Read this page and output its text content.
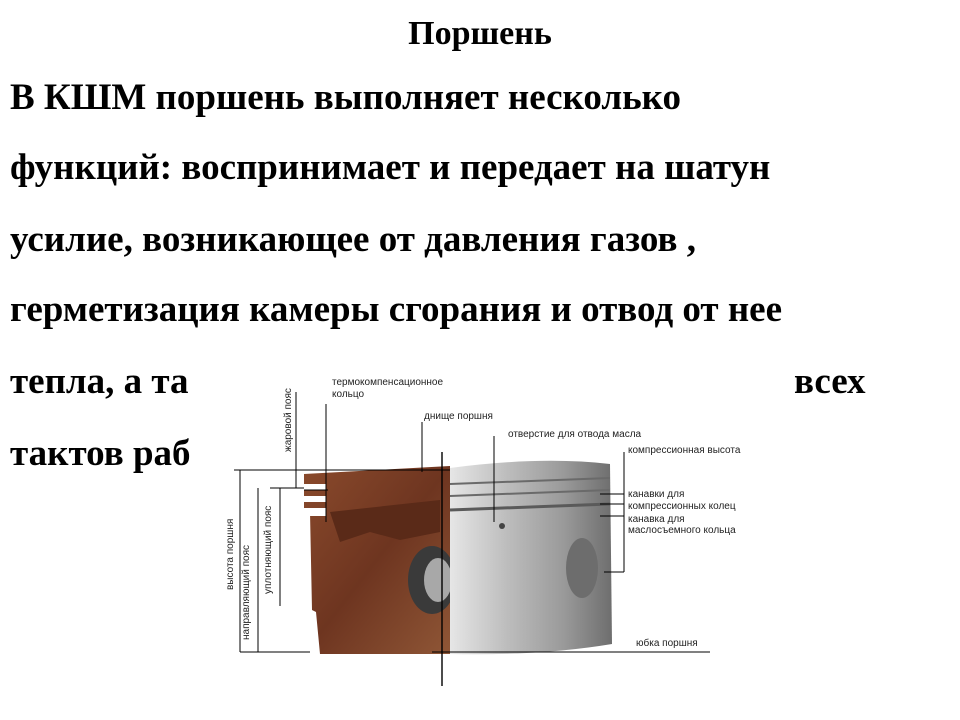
Поршень
В КШМ поршень выполняет несколько
функций: воспринимает и передает на шатун
усилие, возникающее от давления газов ,
герметизация камеры сгорания и отвод от нее
тепла, а та	всех
тактов раб
термокомпенсационное
кольцо
днище поршня
отверстие для отвода масла
компрессионная высота
канавки для
компрессионных колец
канавка для
маслосъемного кольца
юбка поршня
жаровой пояс
уплотняющий пояс
направляющий пояс
высота поршня
